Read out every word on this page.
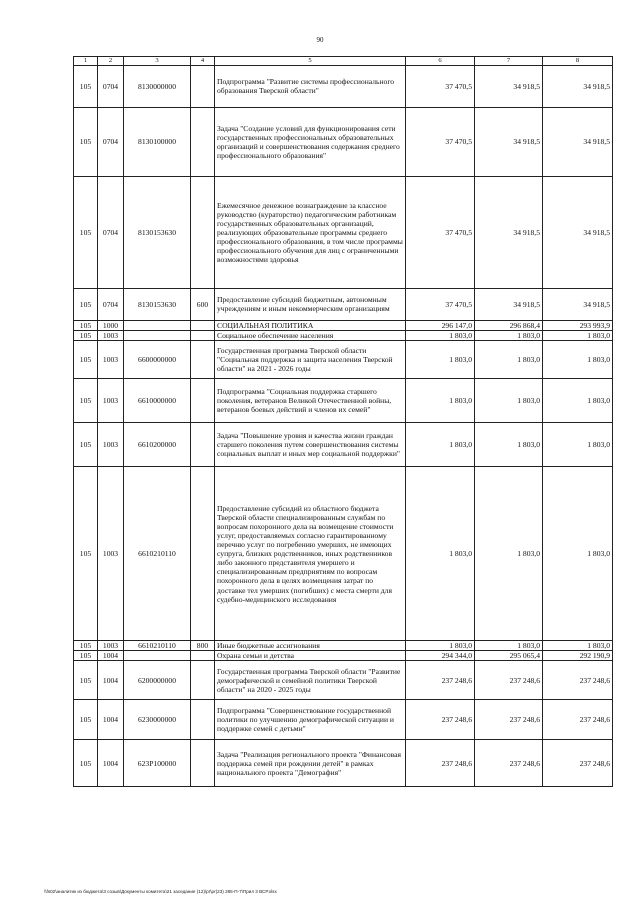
90
1	2	3	4	5	6	7	8
105	0704	8130000000		Подпрограмма "Развитие системы профессионального образования Тверской области"	37 470,5	34 918,5	34 918,5
105	0704	8130100000		Задача "Создание условий для функционирования сети государственных профессиональных образовательных организаций и совершенствования содержания среднего профессионального образования"	37 470,5	34 918,5	34 918,5
105	0704	8130153630		Ежемесячное денежное вознаграждение за классное руководство (кураторство) педагогическим работникам государственных образовательных организаций, реализующих образовательные программы среднего профессионального образования, в том числе программы профессионального обучения для лиц с ограниченными возможностями здоровья	37 470,5	34 918,5	34 918,5
105	0704	8130153630	600	Предоставление субсидий бюджетным, автономным учреждениям и иным некоммерческим организациям	37 470,5	34 918,5	34 918,5
105	1000			СОЦИАЛЬНАЯ ПОЛИТИКА	296 147,0	296 868,4	293 993,9
105	1003			Социальное обеспечение населения	1 803,0	1 803,0	1 803,0
105	1003	6600000000		Государственная программа Тверской области "Социальная поддержка и защита населения Тверской области" на 2021 - 2026 годы	1 803,0	1 803,0	1 803,0
105	1003	6610000000		Подпрограмма "Социальная поддержка старшего поколения, ветеранов Великой Отечественной войны, ветеранов боевых действий и членов их семей"	1 803,0	1 803,0	1 803,0
105	1003	6610200000		Задача "Повышение уровня и качества жизни граждан старшего поколения путем совершенствования системы социальных выплат и иных мер социальной поддержки"	1 803,0	1 803,0	1 803,0
105	1003	6610210110		Предоставление субсидий из областного бюджета Тверской области специализированным службам по вопросам похоронного дела на возмещение стоимости услуг, предоставляемых согласно гарантированному перечню услуг по погребению умерших, не имеющих супруга, близких родственников, иных родственников либо законного представителя умершего и специализированным предприятиям по вопросам похоронного дела в целях возмещения затрат по доставке тел умерших (погибших) с места смерти для судебно-медицинского исследования	1 803,0	1 803,0	1 803,0
105	1003	6610210110	800	Иные бюджетные ассигнования	1 803,0	1 803,0	1 803,0
105	1004			Охрана семьи и детства	294 344,0	295 065,4	292 190,9
105	1004	6200000000		Государственная программа Тверской области "Развитие демографической и семейной политики Тверской области" на 2020 - 2025 годы	237 248,6	237 248,6	237 248,6
105	1004	6230000000		Подпрограмма "Совершенствование государственной политики по улучшению демографической ситуации и поддержке семей с детьми"	237 248,6	237 248,6	237 248,6
105	1004	623P100000		Задача "Реализация регионального проекта "Финансовая поддержка семей при рождении детей" в рамках национального проекта "Демография"	237 248,6	237 248,6	237 248,6
\\fs02\аналитик из бюджета\3 созыв\Документы комитета\21 заседание (12)\pr\pr(23) 285-П-7\Прил 3 ВСР.xlsx
